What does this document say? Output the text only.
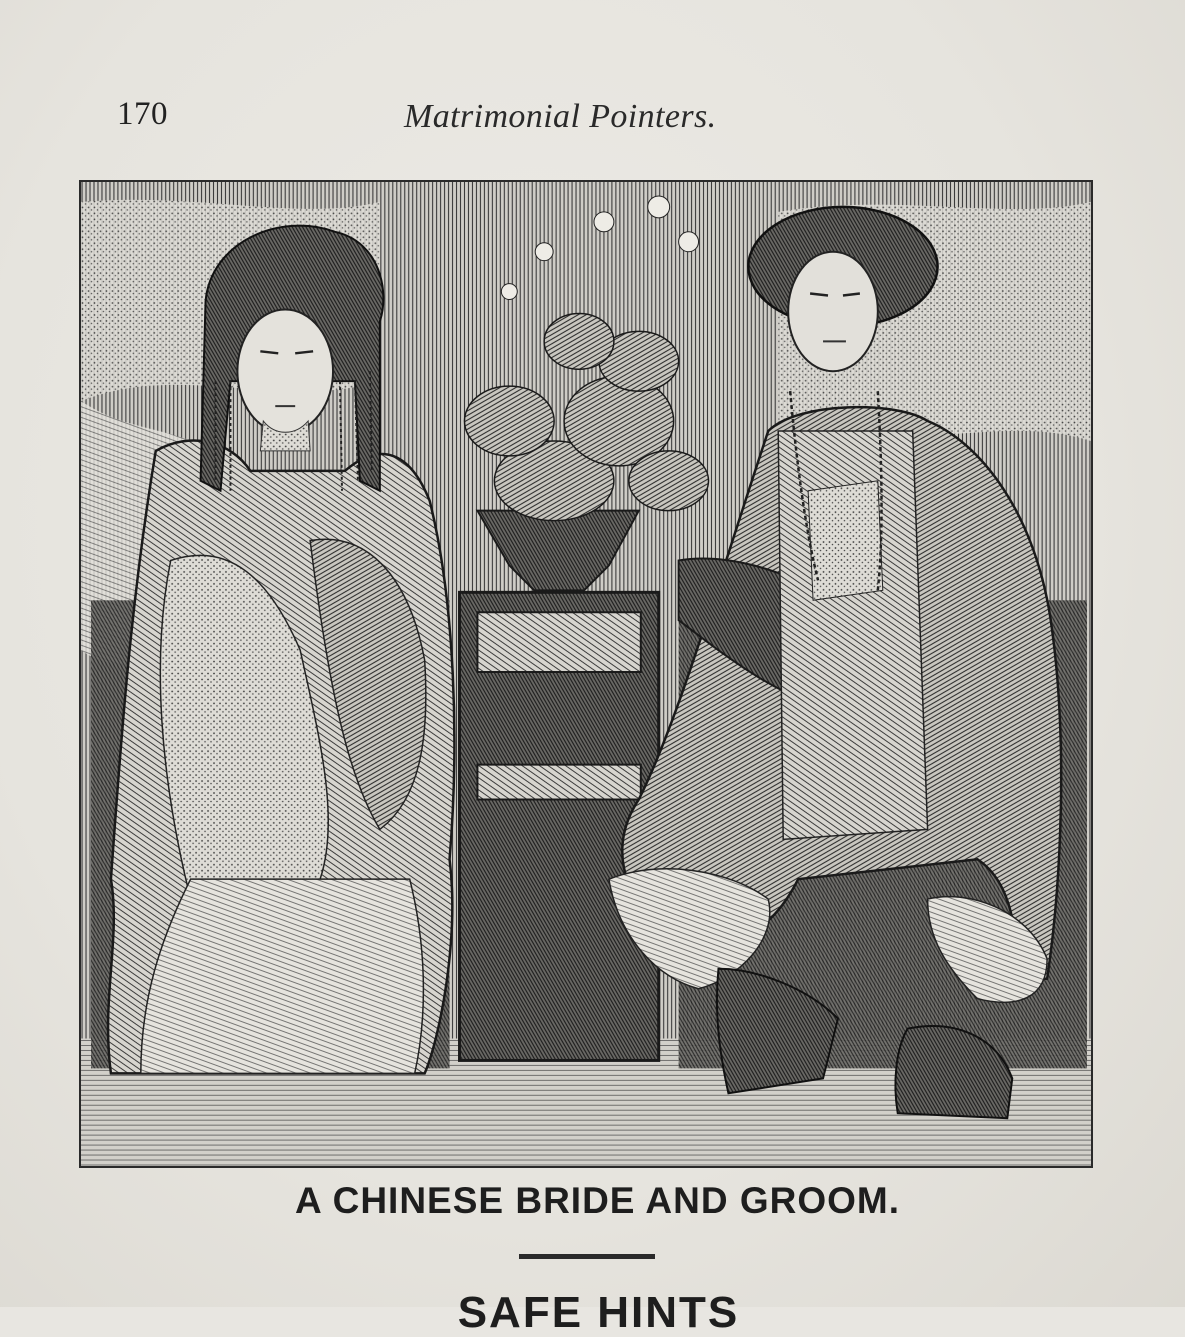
170	Matrimonial Pointers.
A CHINESE BRIDE AND GROOM.
SAFE HINTS
